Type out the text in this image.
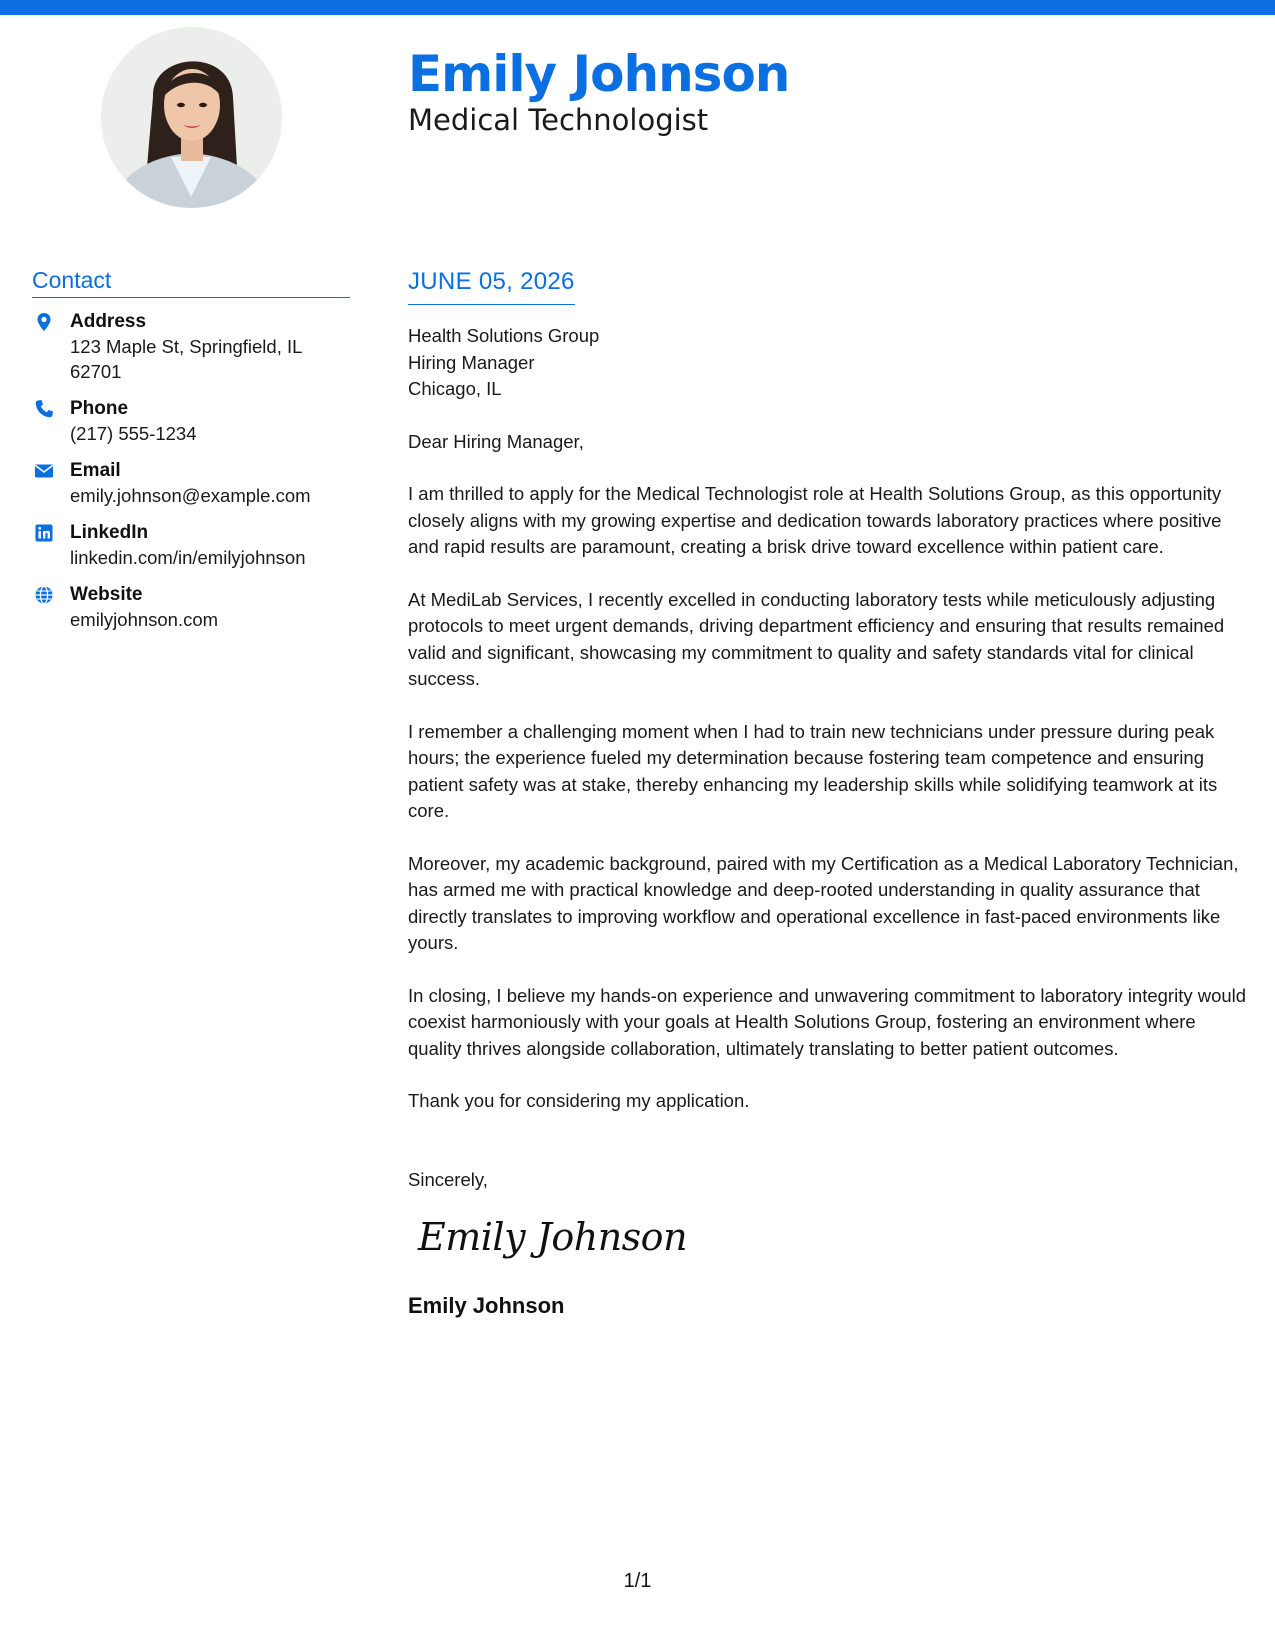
Emily Johnson
Medical Technologist
Contact
Address
123 Maple St, Springfield, IL 62701
Phone
(217) 555-1234
Email
emily.johnson@example.com
LinkedIn
linkedin.com/in/emilyjohnson
Website
emilyjohnson.com
JUNE 05, 2026
Health Solutions Group
Hiring Manager
Chicago, IL
Dear Hiring Manager,

I am thrilled to apply for the Medical Technologist role at Health Solutions Group, as this opportunity closely aligns with my growing expertise and dedication towards laboratory practices where positive and rapid results are paramount, creating a brisk drive toward excellence within patient care.

At MediLab Services, I recently excelled in conducting laboratory tests while meticulously adjusting protocols to meet urgent demands, driving department efficiency and ensuring that results remained valid and significant, showcasing my commitment to quality and safety standards vital for clinical success.

I remember a challenging moment when I had to train new technicians under pressure during peak hours; the experience fueled my determination because fostering team competence and ensuring patient safety was at stake, thereby enhancing my leadership skills while solidifying teamwork at its core.

Moreover, my academic background, paired with my Certification as a Medical Laboratory Technician, has armed me with practical knowledge and deep-rooted understanding in quality assurance that directly translates to improving workflow and operational excellence in fast-paced environments like yours.

In closing, I believe my hands-on experience and unwavering commitment to laboratory integrity would coexist harmoniously with your goals at Health Solutions Group, fostering an environment where quality thrives alongside collaboration, ultimately translating to better patient outcomes.

Thank you for considering my application.

Sincerely,
Emily Johnson
Emily Johnson
1/1
